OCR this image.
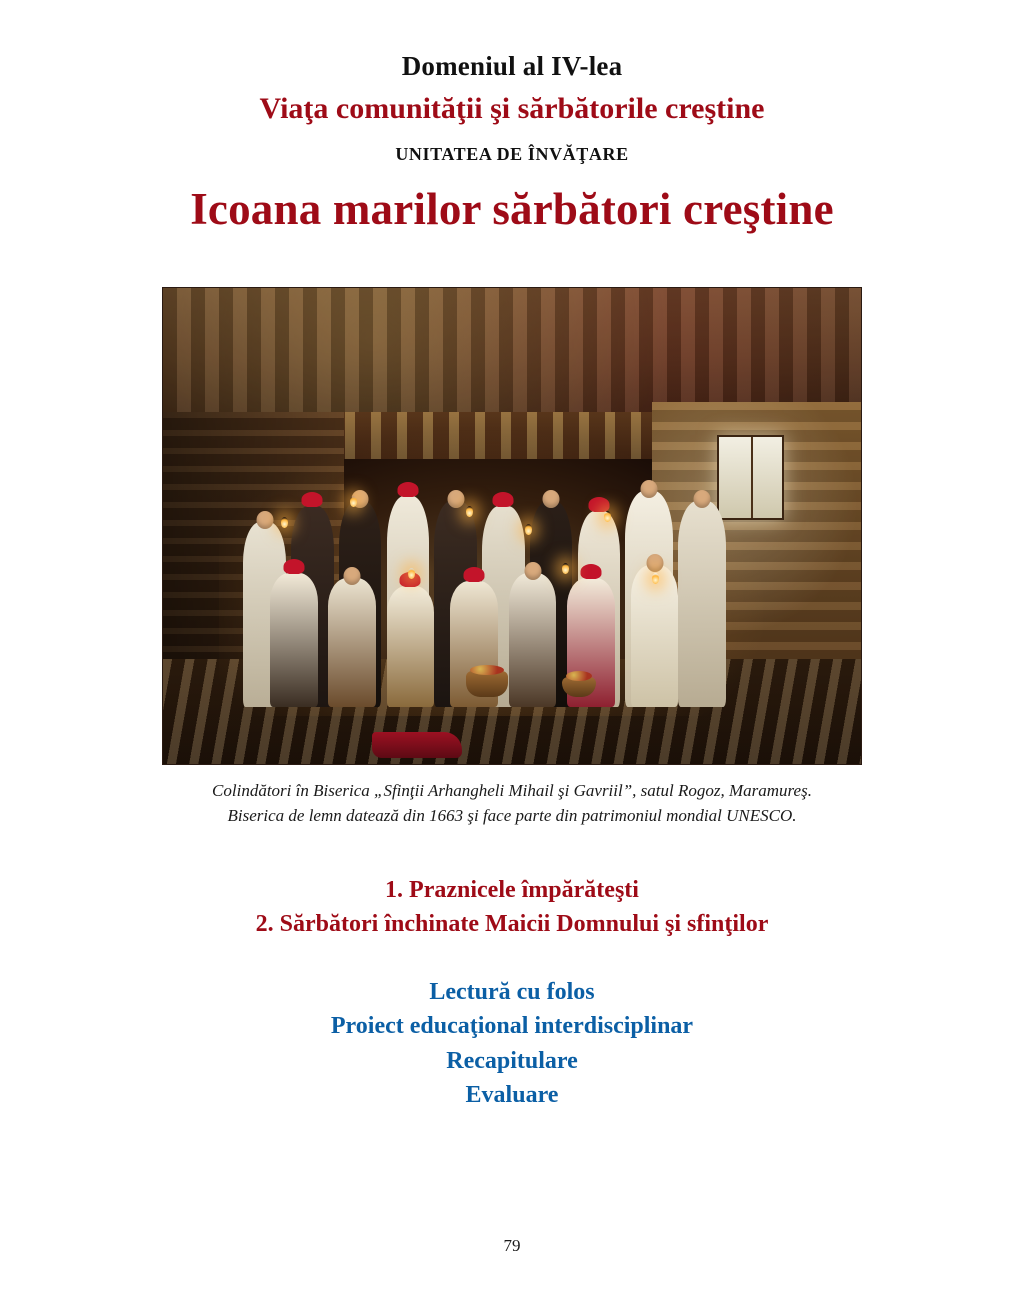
Domeniul al IV-lea
Viaţa comunităţii şi sărbătorile creştine
UNITATEA DE ÎNVĂŢARE
Icoana marilor sărbători creştine
Colindători în Biserica „Sfinţii Arhangheli Mihail şi Gavriil”, satul Rogoz, Maramureş.
Biserica de lemn datează din 1663 şi face parte din patrimoniul mondial UNESCO.
1. Praznicele împărăteşti
2. Sărbători închinate Maicii Domnului şi sfinţilor
Lectură cu folos
Proiect educaţional interdisciplinar
Recapitulare
Evaluare
79
